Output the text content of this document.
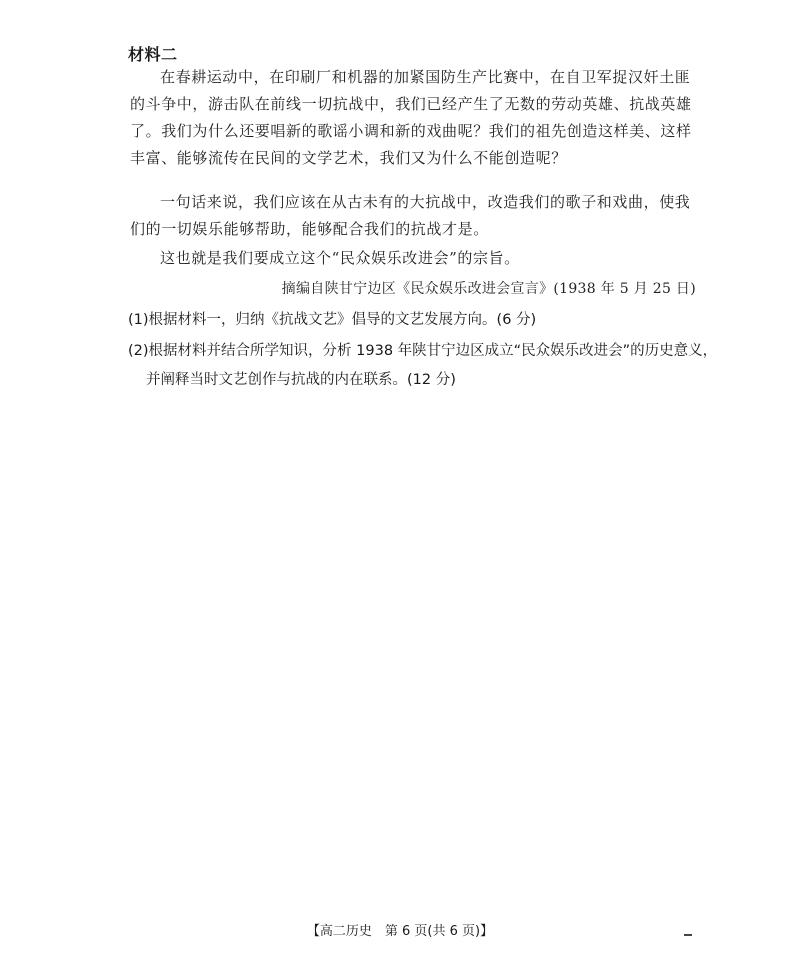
材料二

在春耕运动中，在印刷厂和机器的加紧国防生产比赛中，在自卫军捉汉奸土匪的斗争中，游击队在前线一切抗战中，我们已经产生了无数的劳动英雄、抗战英雄了。我们为什么还要唱新的歌谣小调和新的戏曲呢？我们的祖先创造这样美、这样丰富、能够流传在民间的文学艺术，我们又为什么不能创造呢？

一句话来说，我们应该在从古未有的大抗战中，改造我们的歌子和戏曲，使我们的一切娱乐能够帮助，能够配合我们的抗战才是。

这也就是我们要成立这个“民众娱乐改进会”的宗旨。

摘编自陕甘宁边区《民众娱乐改进会宣言》(1938 年 5 月 25 日)
(1)根据材料一，归纳《抗战文艺》倡导的文艺发展方向。(6 分)
(2)根据材料并结合所学知识，分析 1938 年陕甘宁边区成立“民众娱乐改进会”的历史意义，
并阐释当时文艺创作与抗战的内在联系。(12 分)
【高二历史　第 6 页(共 6 页)】
